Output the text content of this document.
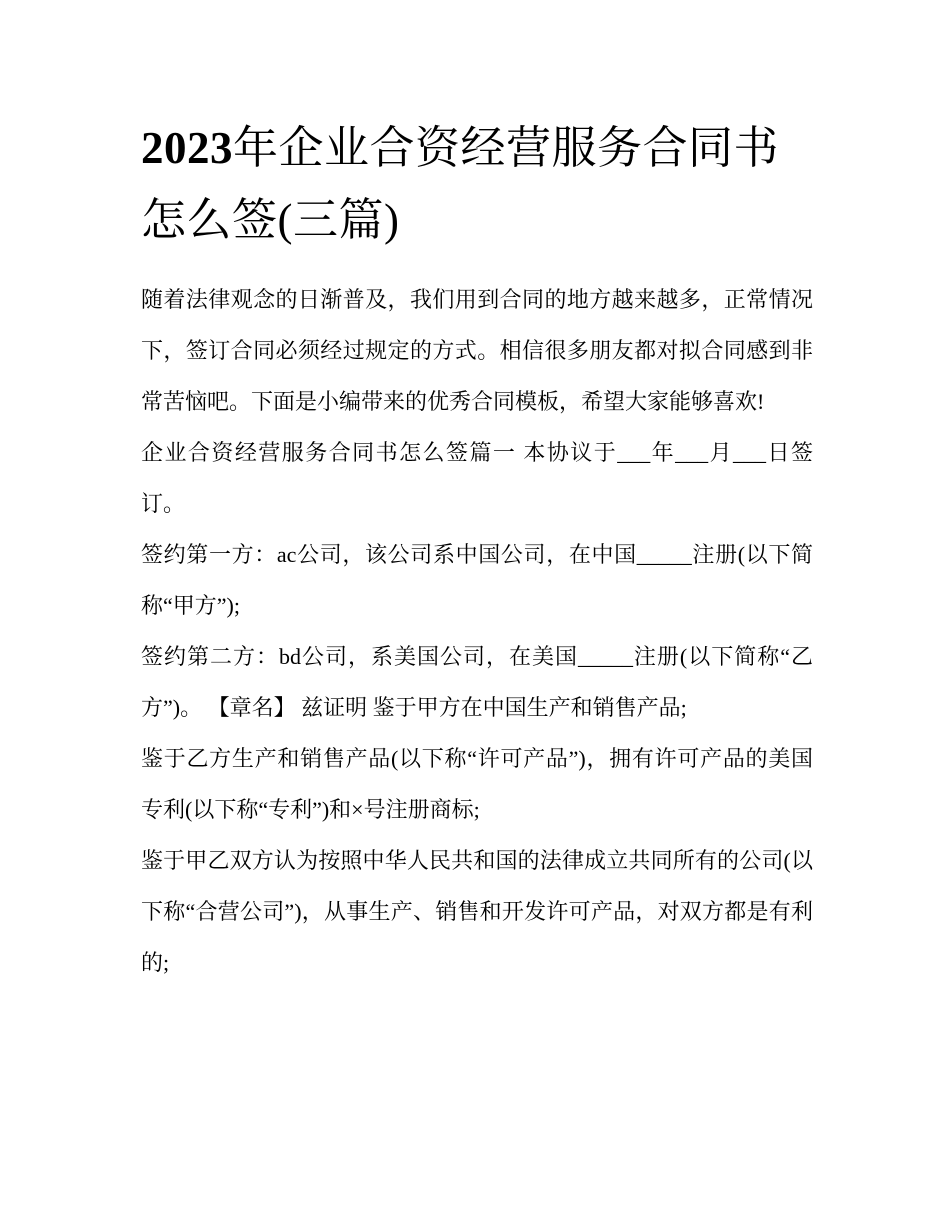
2023年企业合资经营服务合同书怎么签(三篇)

随着法律观念的日渐普及，我们用到合同的地方越来越多，正常情况下，签订合同必须经过规定的方式。相信很多朋友都对拟合同感到非常苦恼吧。下面是小编带来的优秀合同模板，希望大家能够喜欢!

企业合资经营服务合同书怎么签篇一 本协议于___年___月___日签订。

签约第一方：ac公司，该公司系中国公司，在中国_____注册(以下简称“甲方”);

签约第二方：bd公司，系美国公司，在美国_____注册(以下简称“乙方”)。 【章名】 兹证明 鉴于甲方在中国生产和销售产品;

鉴于乙方生产和销售产品(以下称“许可产品”)，拥有许可产品的美国专利(以下称“专利”)和×号注册商标;

鉴于甲乙双方认为按照中华人民共和国的法律成立共同所有的公司(以下称“合营公司”)，从事生产、销售和开发许可产品，对双方都是有利的;
